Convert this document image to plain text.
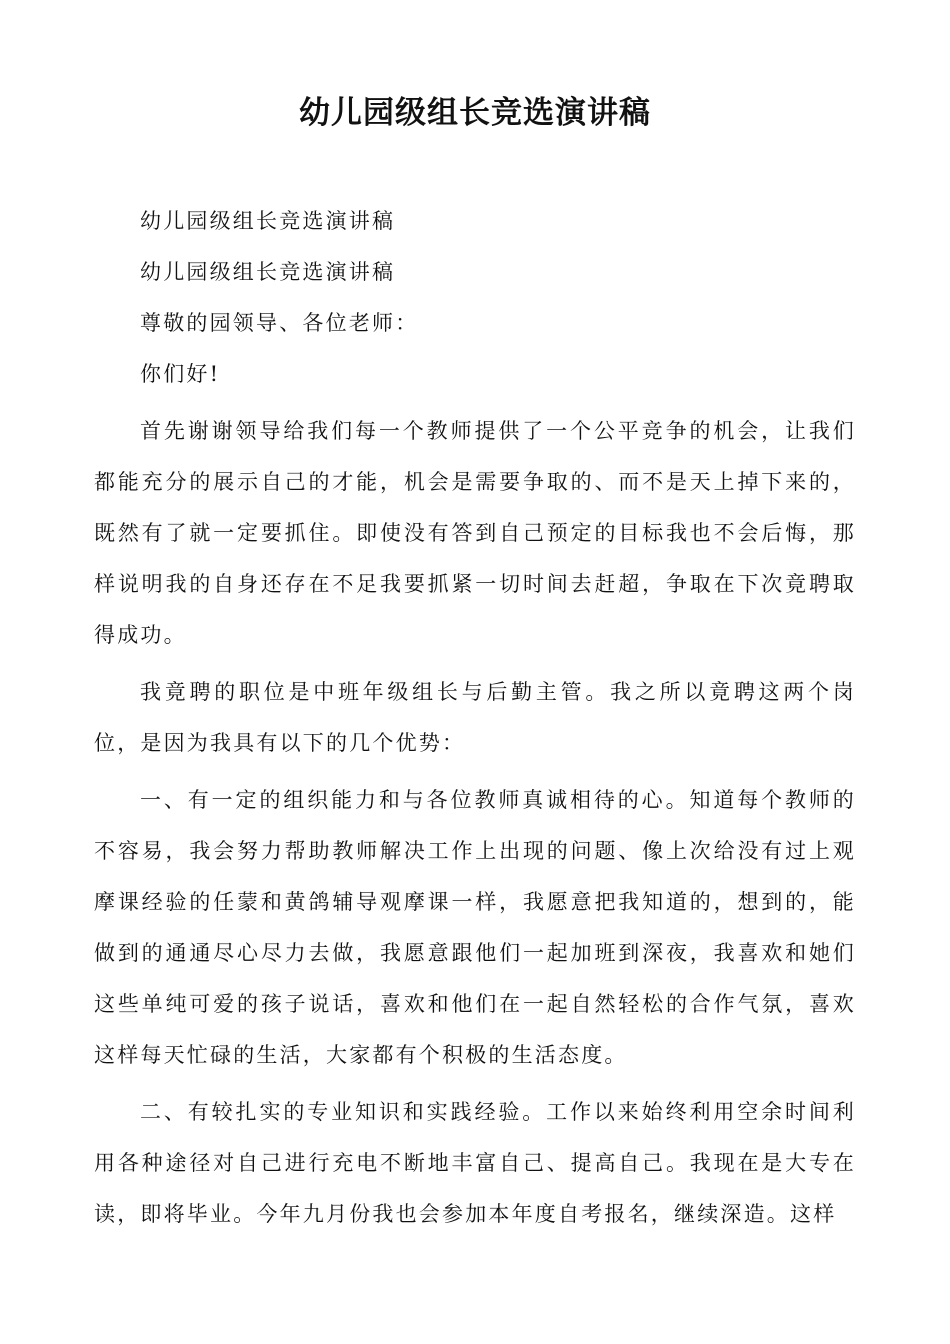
幼儿园级组长竞选演讲稿

幼儿园级组长竞选演讲稿

幼儿园级组长竞选演讲稿

尊敬的园领导、各位老师：

你们好!

首先谢谢领导给我们每一个教师提供了一个公平竞争的机会，让我们都能充分的展示自己的才能，机会是需要争取的、而不是天上掉下来的，既然有了就一定要抓住。即使没有答到自己预定的目标我也不会后悔，那样说明我的自身还存在不足我要抓紧一切时间去赶超，争取在下次竟聘取得成功。

我竟聘的职位是中班年级组长与后勤主管。我之所以竟聘这两个岗位，是因为我具有以下的几个优势：

一、有一定的组织能力和与各位教师真诚相待的心。知道每个教师的不容易，我会努力帮助教师解决工作上出现的问题、像上次给没有过上观摩课经验的任蒙和黄鸽辅导观摩课一样，我愿意把我知道的，想到的，能做到的通通尽心尽力去做，我愿意跟他们一起加班到深夜，我喜欢和她们这些单纯可爱的孩子说话，喜欢和他们在一起自然轻松的合作气氛，喜欢这样每天忙碌的生活，大家都有个积极的生活态度。

二、有较扎实的专业知识和实践经验。工作以来始终利用空余时间利用各种途径对自己进行充电不断地丰富自己、提高自己。我现在是大专在读，即将毕业。今年九月份我也会参加本年度自考报名，继续深造。这样
